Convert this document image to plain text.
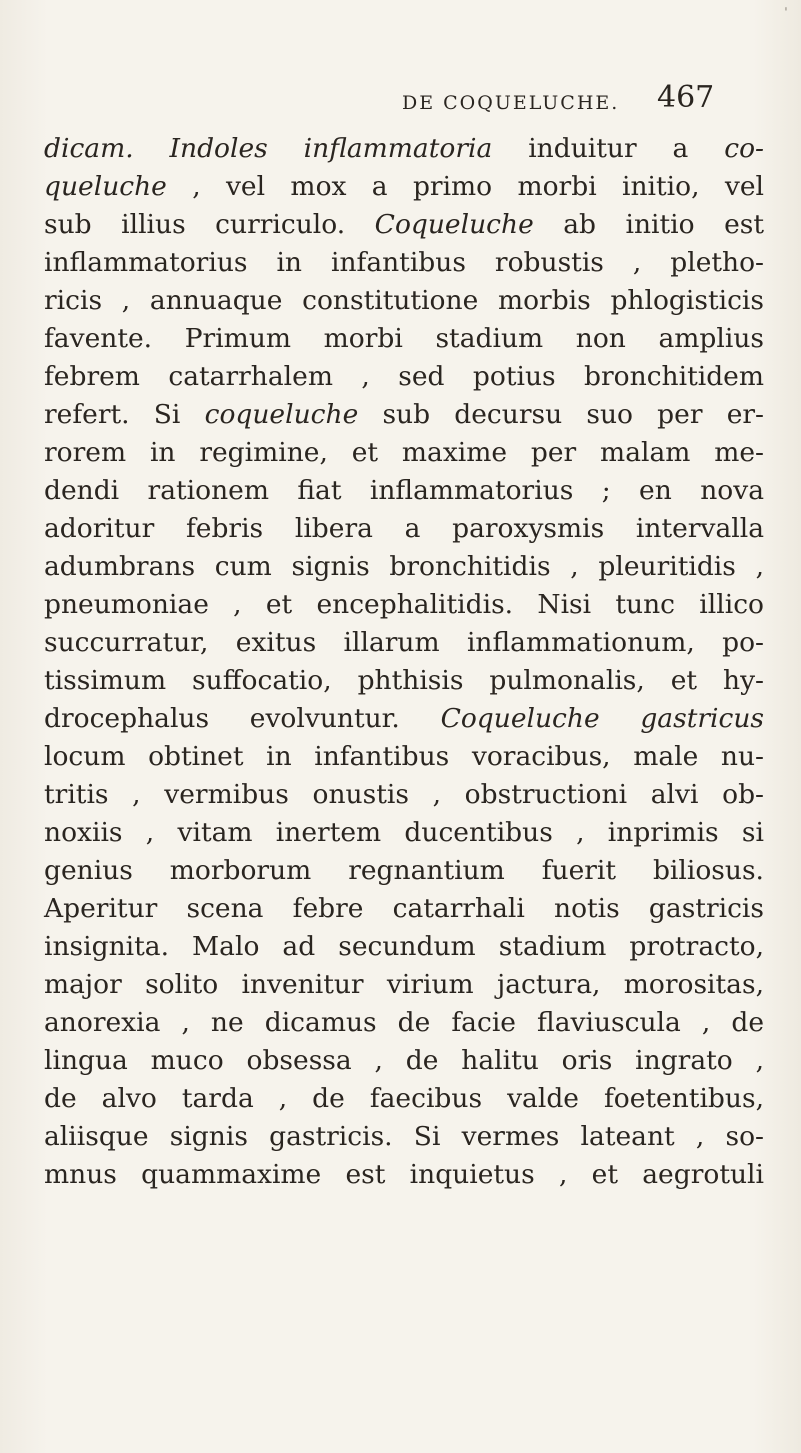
DE COQUELUCHE. 467
dicam. Indoles inflammatoria induitur a co-
queluche , vel mox a primo morbi initio, vel
sub illius curriculo. Coqueluche ab initio est
inflammatorius in infantibus robustis , pletho-
ricis , annuaque constitutione morbis phlogisticis
favente. Primum morbi stadium non amplius
febrem catarrhalem , sed potius bronchitidem
refert. Si coqueluche sub decursu suo per er-
rorem in regimine, et maxime per malam me-
dendi rationem fiat inflammatorius ; en nova
adoritur febris libera a paroxysmis intervalla
adumbrans cum signis bronchitidis , pleuritidis ,
pneumoniae , et encephalitidis. Nisi tunc illico
succurratur, exitus illarum inflammationum, po-
tissimum suffocatio, phthisis pulmonalis, et hy-
drocephalus evolvuntur. Coqueluche gastricus
locum obtinet in infantibus voracibus, male nu-
tritis , vermibus onustis , obstructioni alvi ob-
noxiis , vitam inertem ducentibus , inprimis si
genius morborum regnantium fuerit biliosus.
Aperitur scena febre catarrhali notis gastricis
insignita. Malo ad secundum stadium protracto,
major solito invenitur virium jactura, morositas,
anorexia , ne dicamus de facie flaviuscula , de
lingua muco obsessa , de halitu oris ingrato ,
de alvo tarda , de faecibus valde foetentibus,
aliisque signis gastricis. Si vermes lateant , so-
mnus quammaxime est inquietus , et aegrotuli
ˈ
